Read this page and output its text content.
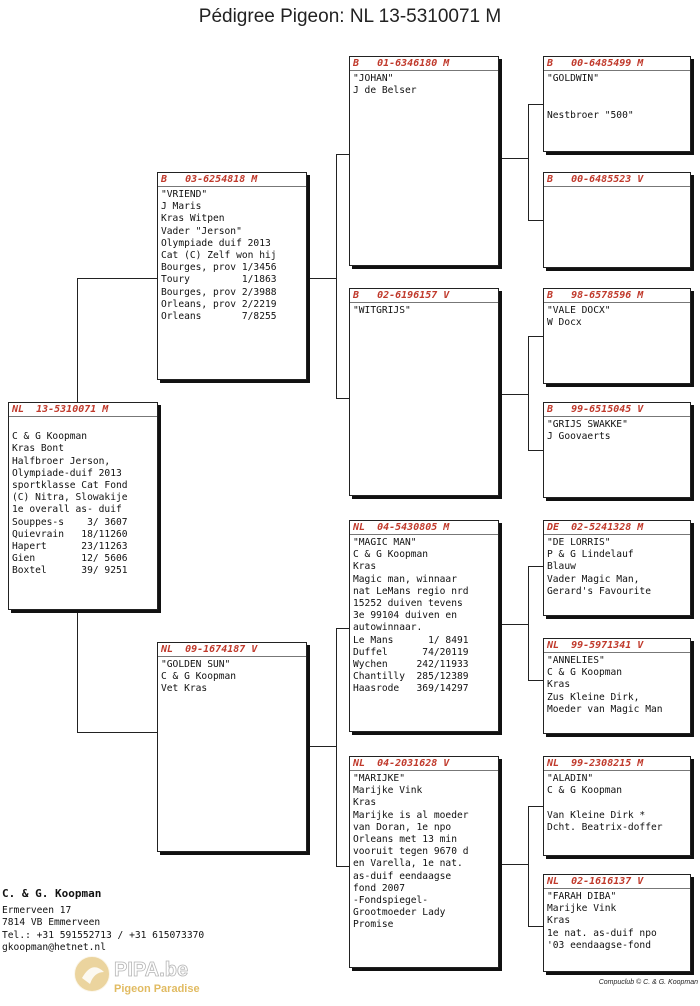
Pédigree Pigeon: NL 13-5310071 M
NL  13-5310071 M

C & G Koopman
Kras Bont
Halfbroer Jerson,
Olympiade-duif 2013
sportklasse Cat Fond
(C) Nitra, Slowakije
1e overall as- duif
Souppes-s    3/ 3607
Quievrain   18/11260
Hapert      23/11263
Gien        12/ 5606
Boxtel      39/ 9251
B   03-6254818 M
"VRIEND"
J Maris
Kras Witpen
Vader "Jerson"
Olympiade duif 2013
Cat (C) Zelf won hij
Bourges, prov 1/3456
Toury         1/1863
Bourges, prov 2/3988
Orleans, prov 2/2219
Orleans       7/8255
NL  09-1674187 V
"GOLDEN SUN"
C & G Koopman
Vet Kras
B   01-6346180 M
"JOHAN"
J de Belser
B   02-6196157 V
"WITGRIJS"
NL  04-5430805 M
"MAGIC MAN"
C & G Koopman
Kras
Magic man, winnaar
nat LeMans regio nrd
15252 duiven tevens
3e 99104 duiven en
autowinnaar.
Le Mans      1/ 8491
Duffel      74/20119
Wychen     242/11933
Chantilly  285/12389
Haasrode   369/14297
NL  04-2031628 V
"MARIJKE"
Marijke Vink
Kras
Marijke is al moeder
van Doran, 1e npo
Orleans met 13 min
vooruit tegen 9670 d
en Varella, 1e nat.
as-duif eendaagse
fond 2007
-Fondspiegel-
Grootmoeder Lady
Promise
B   00-6485499 M
"GOLDWIN"

Nestbroer "500"
B   00-6485523 V
B   98-6578596 M
"VALE DOCX"
W Docx
B   99-6515045 V
"GRIJS SWAKKE"
J Goovaerts
DE  02-5241328 M
"DE LORRIS"
P & G Lindelauf
Blauw
Vader Magic Man,
Gerard's Favourite
NL  99-5971341 V
"ANNELIES"
C & G Koopman
Kras
Zus Kleine Dirk,
Moeder van Magic Man
NL  99-2308215 M
"ALADIN"
C & G Koopman

Van Kleine Dirk *
Dcht. Beatrix-doffer
NL  02-1616137 V
"FARAH DIBA"
Marijke Vink
Kras
1e nat. as-duif npo
'03 eendaagse-fond
C. & G. Koopman
Ermerveen 17
7814 VB Emmerveen
Tel.: +31 591552713 / +31 615073370
gkoopman@hetnet.nl
PIPA.be
Pigeon Paradise
Compuclub © C. & G. Koopman
